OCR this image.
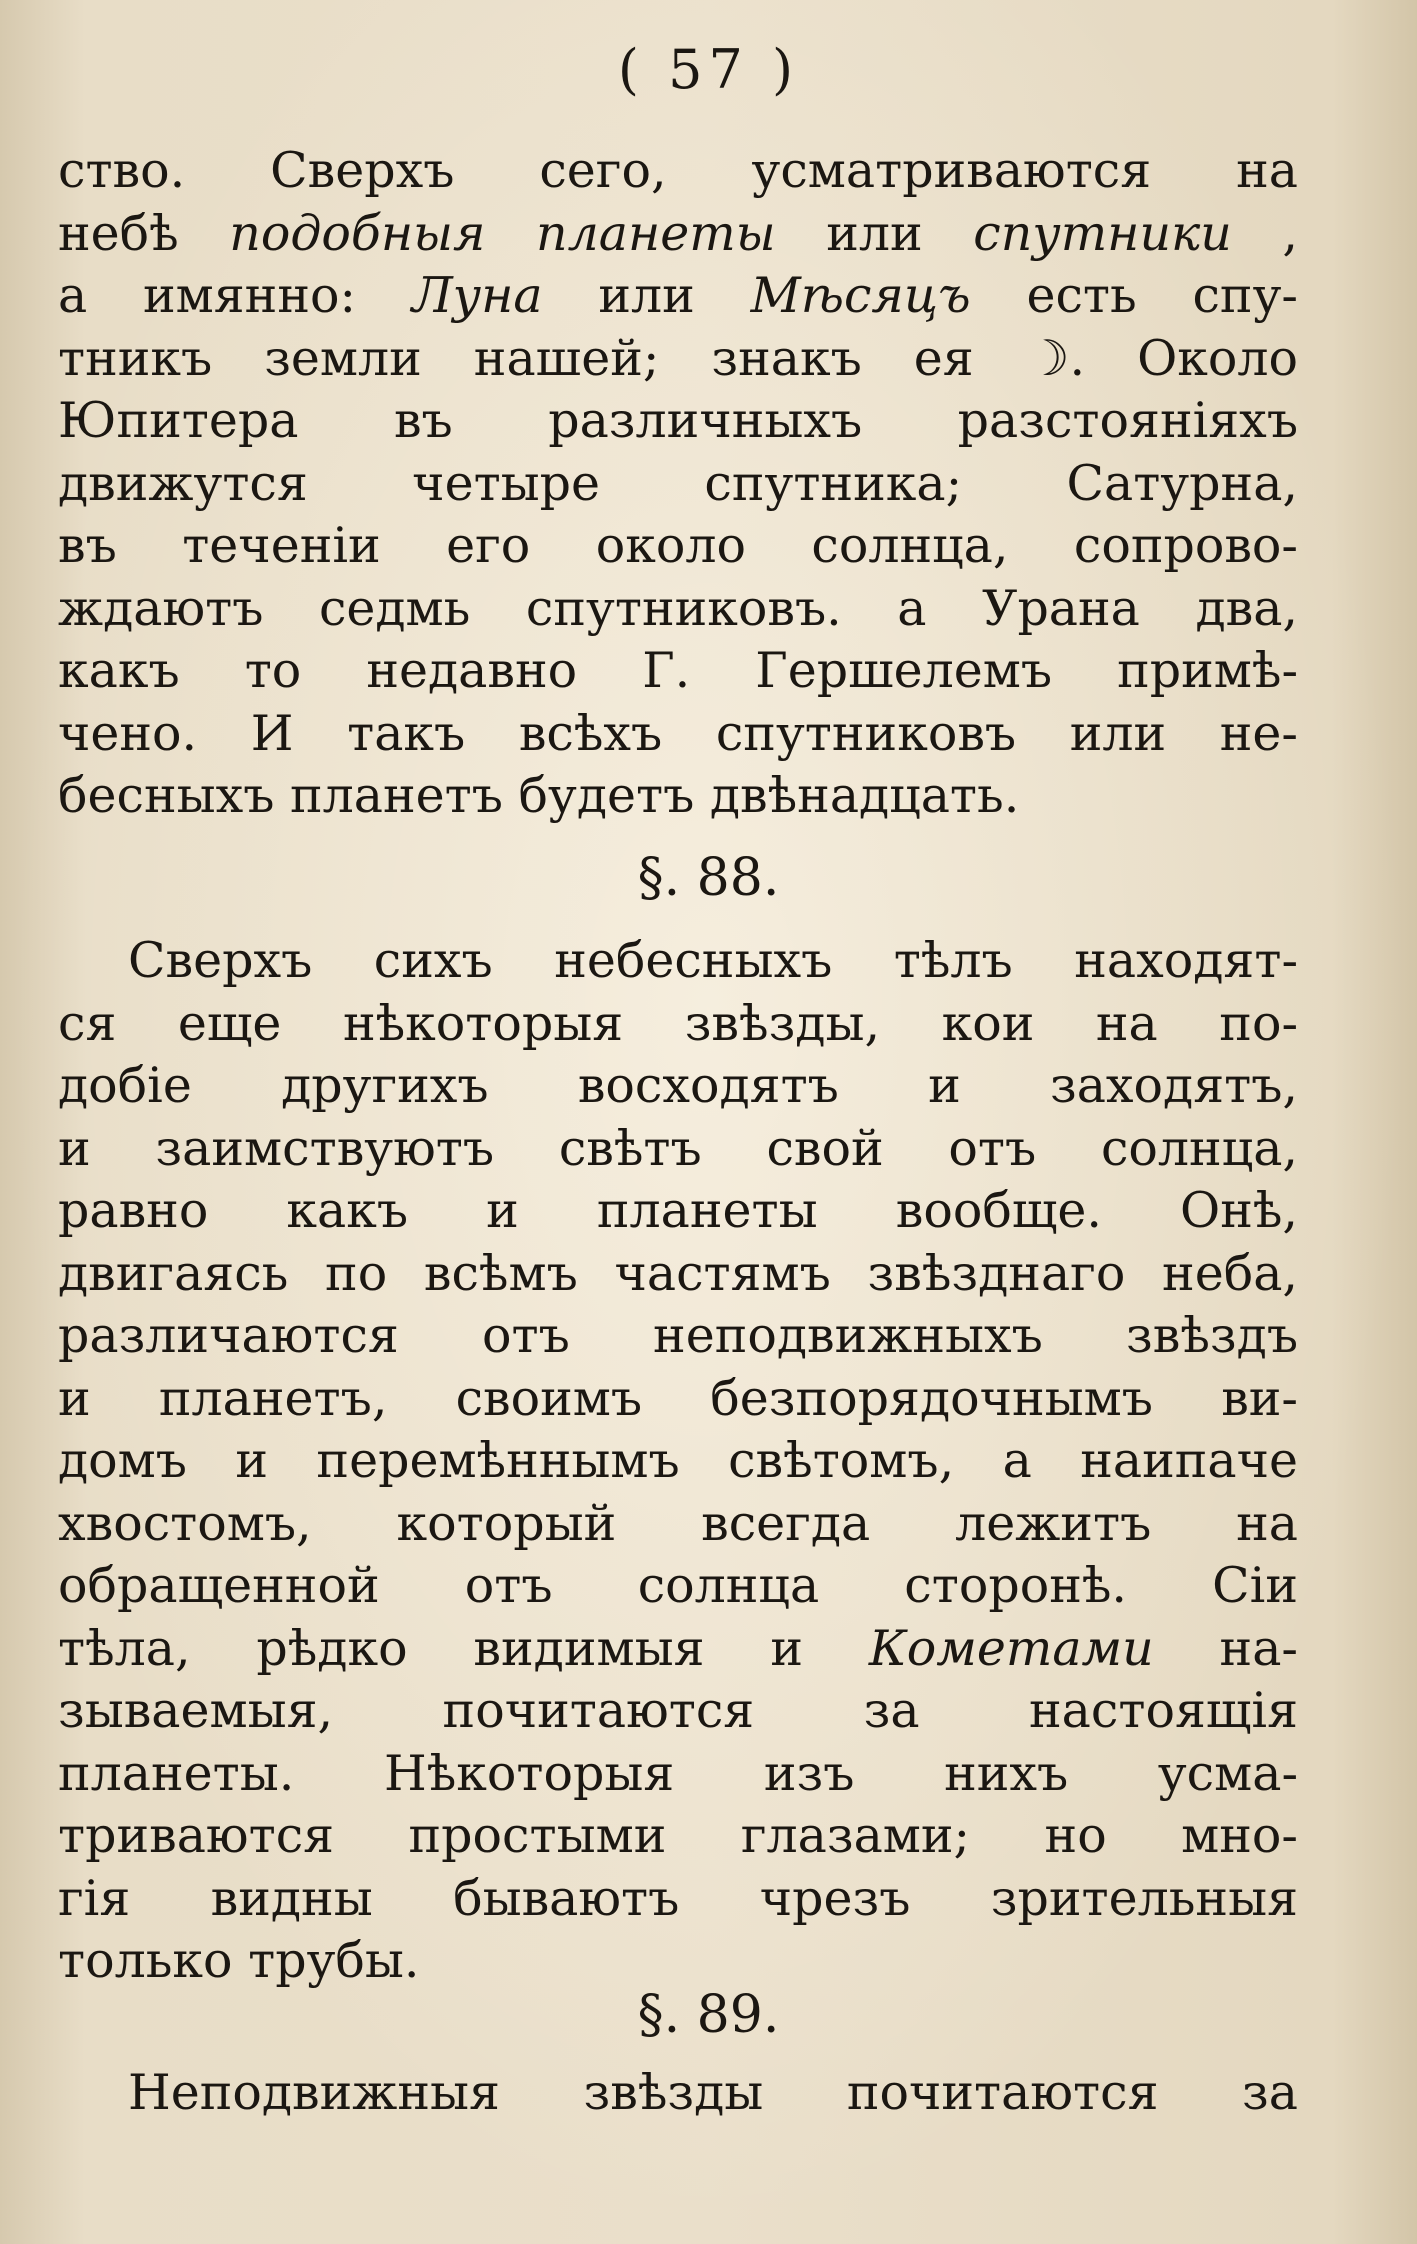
( 57 )
ство. Сверхъ сего, усматриваются на
небѣ подобныя планеты или спутники ,
а имянно: Луна или Мѣсяцъ есть спу-
тникъ земли нашей; знакъ ея ☽. Около
Юпитера въ различныхъ разстояніяхъ
движутся четыре спутника; Сатурна,
въ теченіи его около солнца, сопрово-
ждаютъ седмь спутниковъ. а Урана два,
какъ то недавно Г. Гершелемъ примѣ-
чено. И такъ всѣхъ спутниковъ или не-
бесныхъ планетъ будетъ двѣнадцать.
§. 88.
Сверхъ сихъ небесныхъ тѣлъ находят-
ся еще нѣкоторыя звѣзды, кои на по-
добіе другихъ восходятъ и заходятъ,
и заимствуютъ свѣтъ свой отъ солнца,
равно какъ и планеты вообще. Онѣ,
двигаясь по всѣмъ частямъ звѣзднаго неба,
различаются отъ неподвижныхъ звѣздъ
и планетъ, своимъ безпорядочнымъ ви-
домъ и перемѣннымъ свѣтомъ, а наипаче
хвостомъ, который всегда лежитъ на
обращенной отъ солнца сторонѣ. Сіи
тѣла, рѣдко видимыя и Кометами на-
зываемыя, почитаются за настоящія
планеты. Нѣкоторыя изъ нихъ усма-
триваются простыми глазами; но мно-
гія видны бываютъ чрезъ зрительныя
только трубы.
§. 89.
Неподвижныя звѣзды почитаются за
